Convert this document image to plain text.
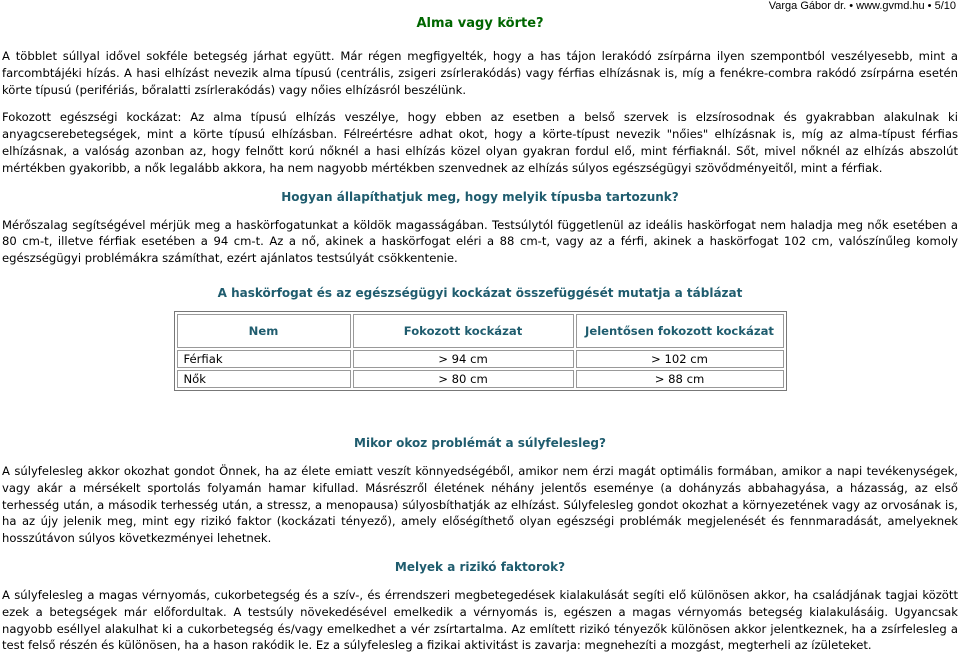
Alma vagy körte?
Varga Gábor dr. • www.gvmd.hu • 5/10

A többlet súllyal idővel sokféle betegség járhat együtt. Már régen megfigyelték, hogy a has tájon lerakódó zsírpárna ilyen szempontból veszélyesebb, mint a farcombtájéki hízás. A hasi elhízást nevezik alma típusú (centrális, zsigeri zsírlerakódás) vagy férfias elhízásnak is, míg a fenékre-combra rakódó zsírpárna esetén körte típusú (perifériás, bőralatti zsírlerakódás) vagy nőies elhízásról beszélünk.

Fokozott egészségi kockázat: Az alma típusú elhízás veszélye, hogy ebben az esetben a belső szervek is elzsírosodnak és gyakrabban alakulnak ki anyagcserebetegségek, mint a körte típusú elhízásban. Félreértésre adhat okot, hogy a körte-típust nevezik "nőies" elhízásnak is, míg az alma-típust férfias elhízásnak, a valóság azonban az, hogy felnőtt korú nőknél a hasi elhízás közel olyan gyakran fordul elő, mint férfiaknál. Sőt, mivel nőknél az elhízás abszolút mértékben gyakoribb, a nők legalább akkora, ha nem nagyobb mértékben szenvednek az elhízás súlyos egészségügyi szövődményeitől, mint a férfiak.

Hogyan állapíthatjuk meg, hogy melyik típusba tartozunk?

Mérőszalag segítségével mérjük meg a haskörfogatunkat a köldök magasságában. Testsúlytól függetlenül az ideális haskörfogat nem haladja meg nők esetében a 80 cm-t, illetve férfiak esetében a 94 cm-t. Az a nő, akinek a haskörfogat eléri a 88 cm-t, vagy az a férfi, akinek a haskörfogat 102 cm, valószínűleg komoly egészségügyi problémákra számíthat, ezért ajánlatos testsúlyát csökkentenie.

A haskörfogat és az egészségügyi kockázat összefüggését mutatja a táblázat
Nem	Fokozott kockázat	Jelentősen fokozott kockázat
Férfiak	> 94 cm	> 102 cm
Nők	> 80 cm	> 88 cm
Mikor okoz problémát a súlyfelesleg?

A súlyfelesleg akkor okozhat gondot Önnek, ha az élete emiatt veszít könnyedségéből, amikor nem érzi magát optimális formában, amikor a napi tevékenységek, vagy akár a mérsékelt sportolás folyamán hamar kifullad. Másrészről életének néhány jelentős eseménye (a dohányzás abbahagyása, a házasság, az első terhesség után, a második terhesség után, a stressz, a menopausa) súlyosbíthatják az elhízást. Súlyfelesleg gondot okozhat a környezetének vagy az orvosának is, ha az újy jelenik meg, mint egy rizikó faktor (kockázati tényező), amely előségíthető olyan egészségi problémák megjelenését és fennmaradását, amelyeknek hosszútávon súlyos következményei lehetnek.

Melyek a rizikó faktorok?

A súlyfelesleg a magas vérnyomás, cukorbetegség és a szív-, és érrendszeri megbetegedések kialakulását segíti elő különösen akkor, ha családjának tagjai között ezek a betegségek már előfordultak. A testsúly növekedésével emelkedik a vérnyomás is, egészen a magas vérnyomás betegség kialakulásáig. Ugyancsak nagyobb eséllyel alakulhat ki a cukorbetegség és/vagy emelkedhet a vér zsírtartalma. Az említett rizikó tényezők különösen akkor jelentkeznek, ha a zsírfelesleg a test felső részén és különösen, ha a hason rakódik le. Ez a súlyfelesleg a fizikai aktivitást is zavarja: megnehezíti a mozgást, megterheli az ízületeket.
